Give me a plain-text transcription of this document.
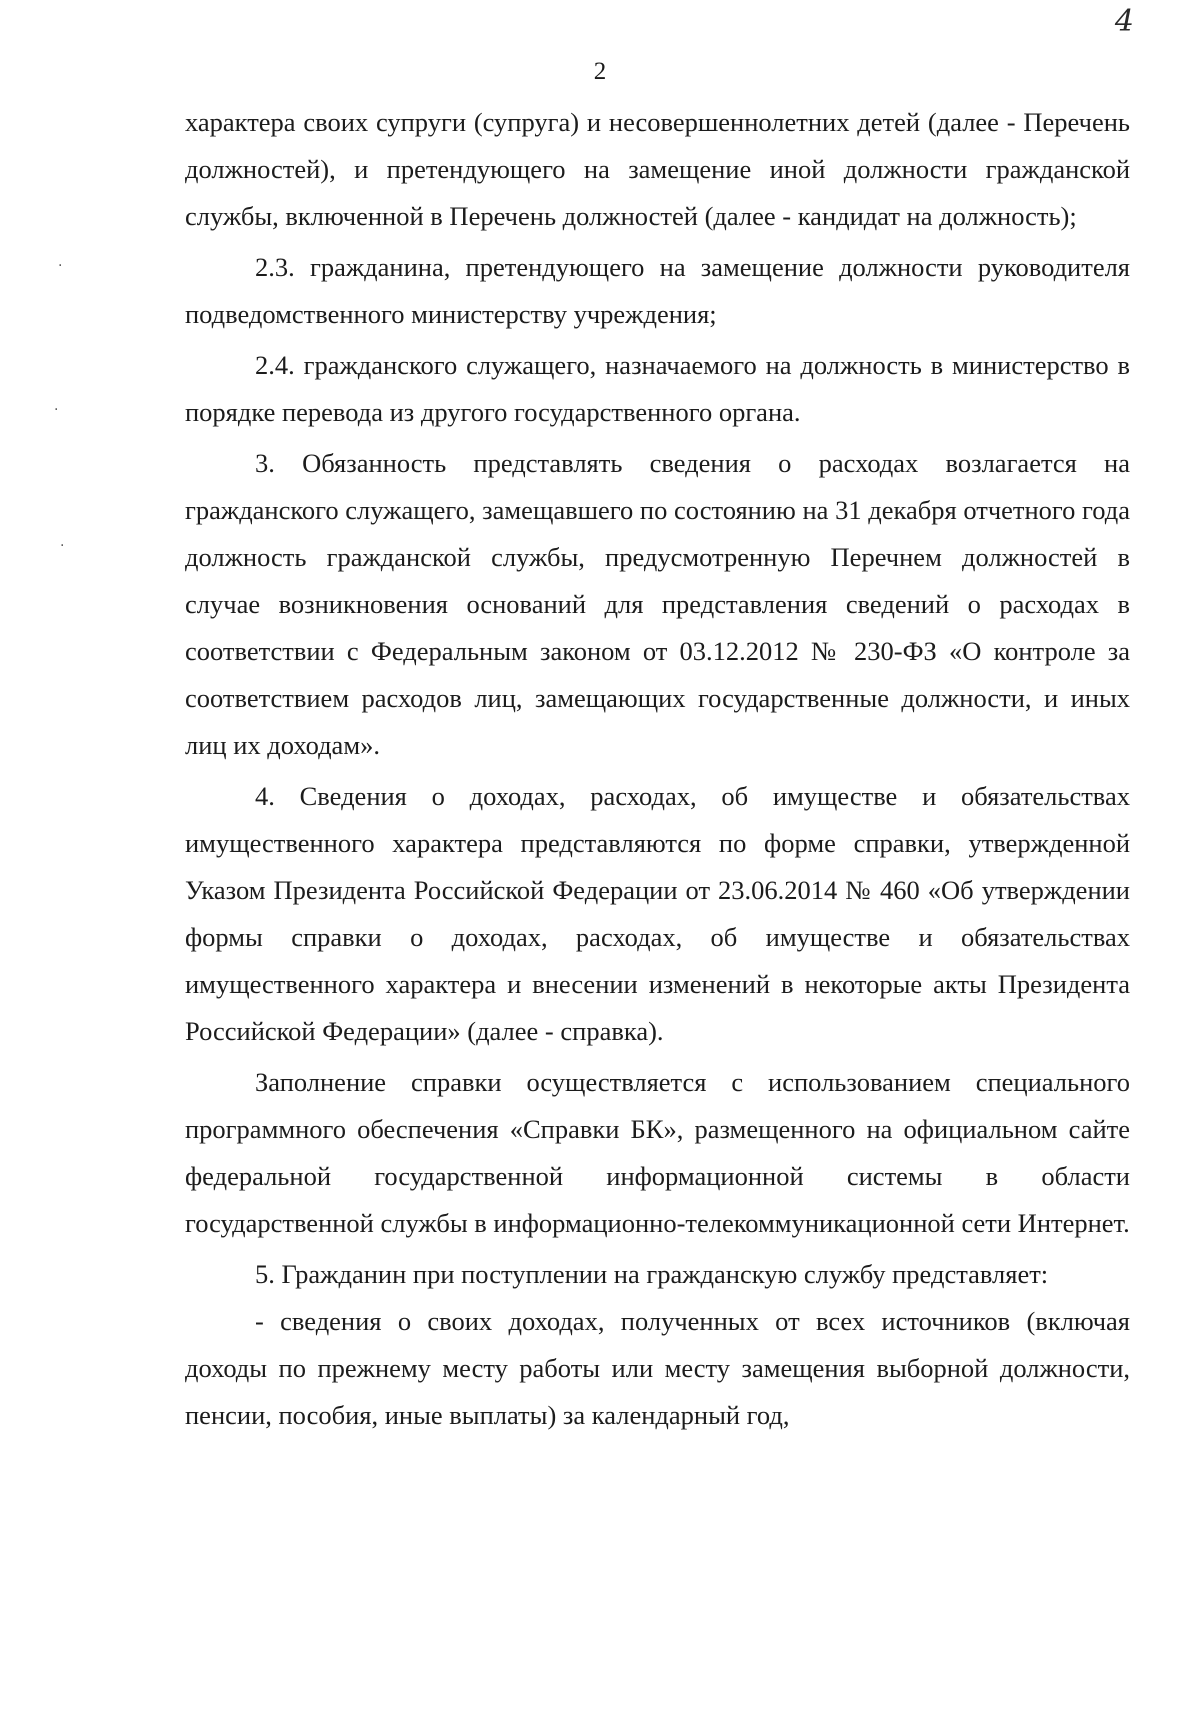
4
2
·
·
·

характера своих супруги (супруга) и несовершеннолетних детей (далее - Перечень должностей), и претендующего на замещение иной должности гражданской службы, включенной в Перечень должностей (далее - кандидат на должность);

2.3. гражданина, претендующего на замещение должности руководителя подведомственного министерству учреждения;

2.4. гражданского служащего, назначаемого на должность в министерство в порядке перевода из другого государственного органа.

3. Обязанность представлять сведения о расходах возлагается на гражданского служащего, замещавшего по состоянию на 31 декабря отчетного года должность гражданской службы, предусмотренную Перечнем должностей в случае возникновения оснований для представления сведений о расходах в соответствии с Федеральным законом от 03.12.2012 № 230-ФЗ «О контроле за соответствием расходов лиц, замещающих государственные должности, и иных лиц их доходам».

4. Сведения о доходах, расходах, об имуществе и обязательствах имущественного характера представляются по форме справки, утвержденной Указом Президента Российской Федерации от 23.06.2014 № 460 «Об утверждении формы справки о доходах, расходах, об имуществе и обязательствах имущественного характера и внесении изменений в некоторые акты Президента Российской Федерации» (далее - справка).

Заполнение справки осуществляется с использованием специального программного обеспечения «Справки БК», размещенного на официальном сайте федеральной государственной информационной системы в области государственной службы в информационно-телекоммуникационной сети Интернет.

5. Гражданин при поступлении на гражданскую службу представляет:

- сведения о своих доходах, полученных от всех источников (включая доходы по прежнему месту работы или месту замещения выборной должности, пенсии, пособия, иные выплаты) за календарный год,
